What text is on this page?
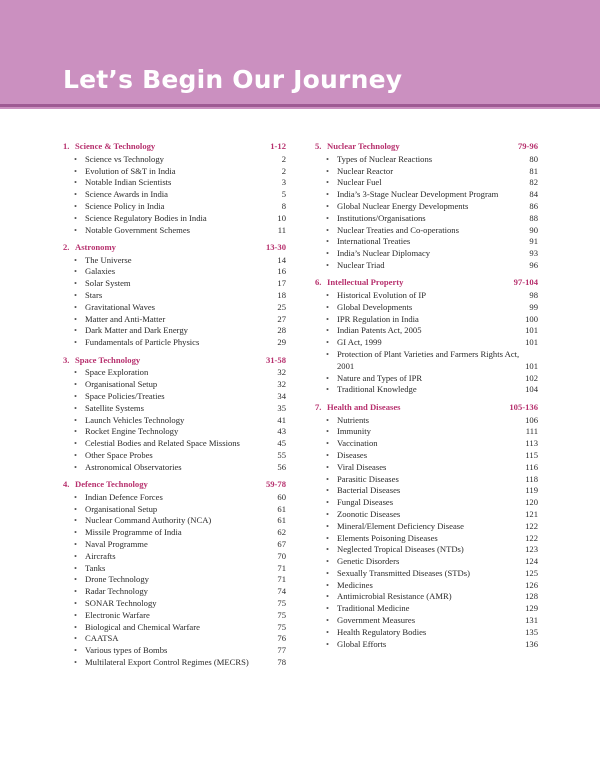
Let’s Begin Our Journey
1. Science & Technology	1-12
• Science vs Technology	2
• Evolution of S&T in India	2
• Notable Indian Scientists	3
• Science Awards in India	5
• Science Policy in India	8
• Science Regulatory Bodies in India	10
• Notable Government Schemes	11
2. Astronomy	13-30
• The Universe	14
• Galaxies	16
• Solar System	17
• Stars	18
• Gravitational Waves	25
• Matter and Anti-Matter	27
• Dark Matter and Dark Energy	28
• Fundamentals of Particle Physics	29
3. Space Technology	31-58
• Space Exploration	32
• Organisational Setup	32
• Space Policies/Treaties	34
• Satellite Systems	35
• Launch Vehicles Technology	41
• Rocket Engine Technology	43
• Celestial Bodies and Related Space Missions	45
• Other Space Probes	55
• Astronomical Observatories	56
4. Defence Technology	59-78
• Indian Defence Forces	60
• Organisational Setup	61
• Nuclear Command Authority (NCA)	61
• Missile Programme of India	62
• Naval Programme	67
• Aircrafts	70
• Tanks	71
• Drone Technology	71
• Radar Technology	74
• SONAR Technology	75
• Electronic Warfare	75
• Biological and Chemical Warfare	75
• CAATSA	76
• Various types of Bombs	77
• Multilateral Export Control Regimes (MECRS)	78
5. Nuclear Technology	79-96
• Types of Nuclear Reactions	80
• Nuclear Reactor	81
• Nuclear Fuel	82
• India’s 3-Stage Nuclear Development Program	84
• Global Nuclear Energy Developments	86
• Institutions/Organisations	88
• Nuclear Treaties and Co-operations	90
• International Treaties	91
• India’s Nuclear Diplomacy	93
• Nuclear Triad	96
6. Intellectual Property	97-104
• Historical Evolution of IP	98
• Global Developments	99
• IPR Regulation in India	100
• Indian Patents Act, 2005	101
• GI Act, 1999	101
• Protection of Plant Varieties and Farmers Rights Act, 2001	101
• Nature and Types of IPR	102
• Traditional Knowledge	104
7. Health and Diseases	105-136
• Nutrients	106
• Immunity	111
• Vaccination	113
• Diseases	115
• Viral Diseases	116
• Parasitic Diseases	118
• Bacterial Diseases	119
• Fungal Diseases	120
• Zoonotic Diseases	121
• Mineral/Element Deficiency Disease	122
• Elements Poisoning Diseases	122
• Neglected Tropical Diseases (NTDs)	123
• Genetic Disorders	124
• Sexually Transmitted Diseases (STDs)	125
• Medicines	126
• Antimicrobial Resistance (AMR)	128
• Traditional Medicine	129
• Government Measures	131
• Health Regulatory Bodies	135
• Global Efforts	136
